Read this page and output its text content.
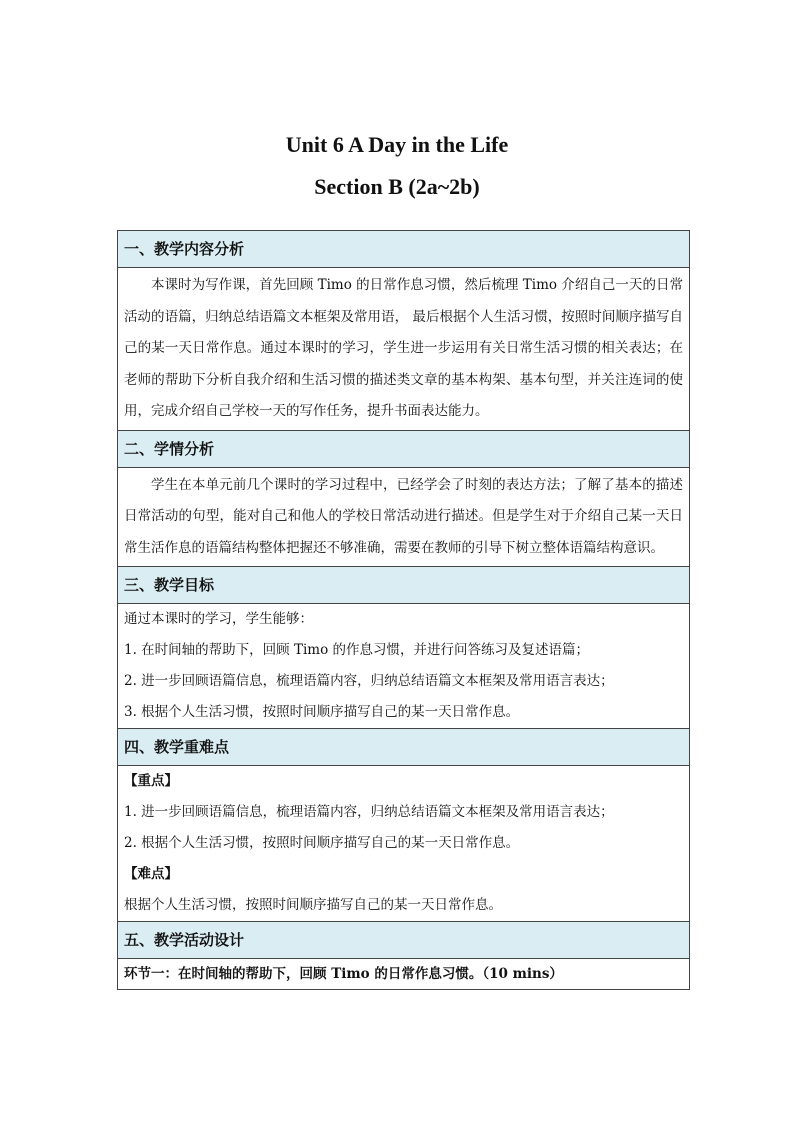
Unit 6 A Day in the Life
Section B (2a~2b)
一、教学内容分析

本课时为写作课，首先回顾 Timo 的日常作息习惯，然后梳理 Timo 介绍自己一天的日常活动的语篇，归纳总结语篇文本框架及常用语， 最后根据个人生活习惯，按照时间顺序描写自己的某一天日常作息。通过本课时的学习，学生进一步运用有关日常生活习惯的相关表达；在老师的帮助下分析自我介绍和生活习惯的描述类文章的基本构架、基本句型，并关注连词的使用，完成介绍自己学校一天的写作任务，提升书面表达能力。

二、学情分析

学生在本单元前几个课时的学习过程中，已经学会了时刻的表达方法；了解了基本的描述日常活动的句型，能对自己和他人的学校日常活动进行描述。但是学生对于介绍自己某一天日常生活作息的语篇结构整体把握还不够准确，需要在教师的引导下树立整体语篇结构意识。

三、教学目标

通过本课时的学习，学生能够：

1. 在时间轴的帮助下，回顾 Timo 的作息习惯，并进行问答练习及复述语篇；

2. 进一步回顾语篇信息，梳理语篇内容，归纳总结语篇文本框架及常用语言表达；

3. 根据个人生活习惯，按照时间顺序描写自己的某一天日常作息。

四、教学重难点

【重点】

1. 进一步回顾语篇信息，梳理语篇内容，归纳总结语篇文本框架及常用语言表达；

2. 根据个人生活习惯，按照时间顺序描写自己的某一天日常作息。

【难点】

根据个人生活习惯，按照时间顺序描写自己的某一天日常作息。

五、教学活动设计
环节一：在时间轴的帮助下，回顾 Timo 的日常作息习惯。（10 mins）
